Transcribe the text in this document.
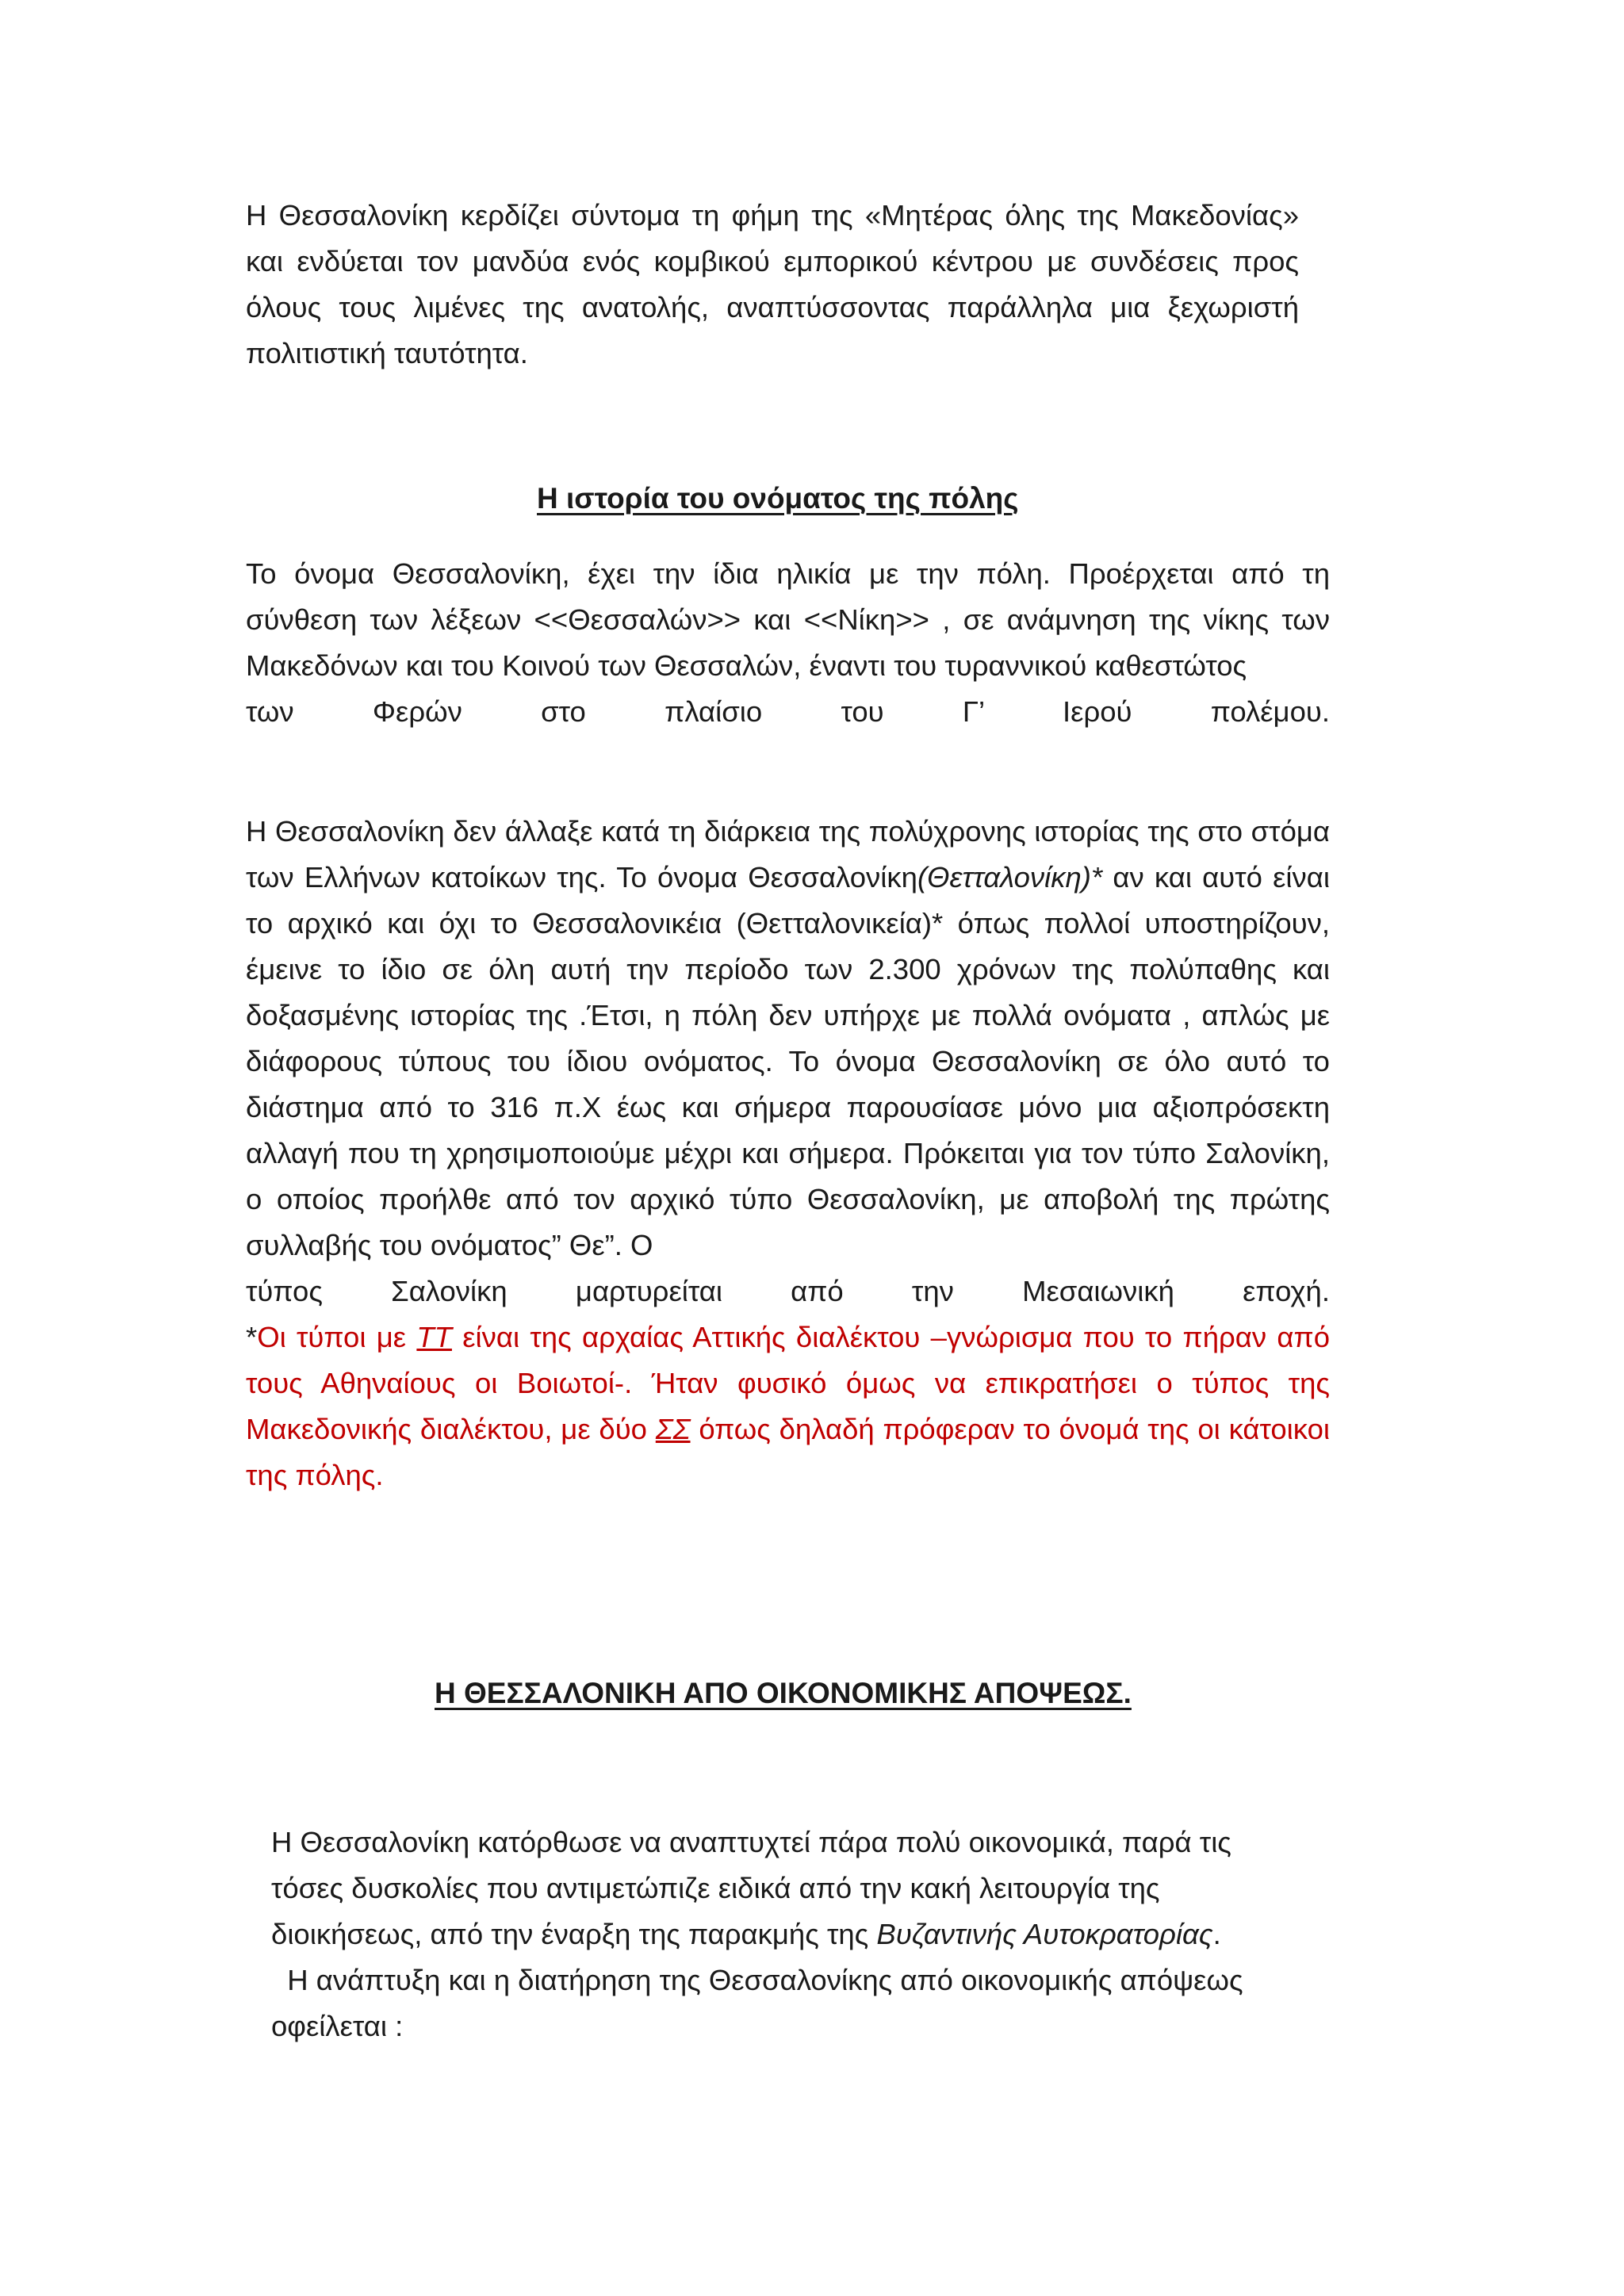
Η Θεσσαλονίκη κερδίζει σύντομα τη φήμη της «Μητέρας όλης της Μακεδονίας» και ενδύεται τον μανδύα ενός κομβικού εμπορικού κέντρου με συνδέσεις προς όλους τους λιμένες της ανατολής, αναπτύσσοντας παράλληλα μια ξεχωριστή πολιτιστική ταυτότητα.

Η ιστορία του ονόματος της πόλης

Το όνομα Θεσσαλονίκη, έχει την ίδια ηλικία με την πόλη. Προέρχεται από τη σύνθεση των λέξεων <<Θεσσαλών>> και <<Νίκη>> , σε ανάμνηση της νίκης των Μακεδόνων και του Κοινού των Θεσσαλών, έναντι του τυραννικού καθεστώτος

των Φερών στο πλαίσιο του Γ’ Ιερού πολέμου.

Η Θεσσαλονίκη δεν άλλαξε κατά τη διάρκεια της πολύχρονης ιστορίας της στο στόμα των Ελλήνων κατοίκων της. Το όνομα Θεσσαλονίκη(Θετταλονίκη)* αν και αυτό είναι το αρχικό και όχι το Θεσσαλονικέια (Θετταλονικεία)* όπως πολλοί υποστηρίζουν, έμεινε το ίδιο σε όλη αυτή την περίοδο των 2.300 χρόνων της πολύπαθης και δοξασμένης ιστορίας της .Έτσι, η πόλη δεν υπήρχε με πολλά ονόματα , απλώς με διάφορους τύπους του ίδιου ονόματος. Το όνομα Θεσσαλονίκη σε όλο αυτό το διάστημα από το 316 π.Χ έως και σήμερα παρουσίασε μόνο μια αξιοπρόσεκτη αλλαγή που τη χρησιμοποιούμε μέχρι και σήμερα. Πρόκειται για τον τύπο Σαλονίκη, ο οποίος προήλθε από τον αρχικό τύπο Θεσσαλονίκη, με αποβολή της πρώτης συλλαβής του ονόματος” Θε”. Ο

τύπος Σαλονίκη μαρτυρείται από την Μεσαιωνική εποχή.

*Οι τύποι με ΤΤ είναι της αρχαίας Αττικής διαλέκτου –γνώρισμα που το πήραν από τους Αθηναίους οι Βοιωτοί-. Ήταν φυσικό όμως να επικρατήσει ο τύπος της Μακεδονικής διαλέκτου, με δύο ΣΣ όπως δηλαδή πρόφεραν το όνομά της οι κάτοικοι της πόλης.

Η ΘΕΣΣΑΛΟΝΙΚΗ ΑΠΟ ΟΙΚΟΝΟΜΙΚΗΣ ΑΠΟΨΕΩΣ.
Η Θεσσαλονίκη κατόρθωσε να αναπτυχτεί πάρα πολύ οικονομικά, παρά τις
τόσες δυσκολίες που αντιμετώπιζε ειδικά από την κακή λειτουργία της
διοικήσεως, από την έναρξη της παρακμής της Βυζαντινής Αυτοκρατορίας.
Η ανάπτυξη και η διατήρηση της Θεσσαλονίκης από οικονομικής απόψεως
οφείλεται :
